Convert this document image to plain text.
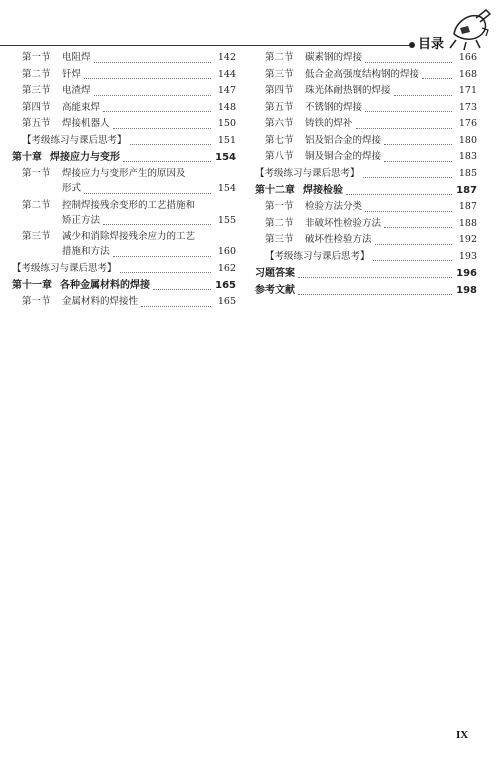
目录
第一节	电阻焊	142
第二节	钎焊	144
第三节	电渣焊	147
第四节	高能束焊	148
第五节	焊接机器人	150
【考级练习与课后思考】	151
第十章 焊接应力与变形	154
第一节	焊接应力与变形产生的原因及
形式	154
第二节	控制焊接残余变形的工艺措施和
矫正方法	155
第三节	减少和消除焊接残余应力的工艺
措施和方法	160
【考级练习与课后思考】	162
第十一章 各种金属材料的焊接	165
第一节	金属材料的焊接性	165
第二节	碳素钢的焊接	166
第三节	低合金高强度结构钢的焊接	168
第四节	珠光体耐热钢的焊接	171
第五节	不锈钢的焊接	173
第六节	铸铁的焊补	176
第七节	铝及铝合金的焊接	180
第八节	铜及铜合金的焊接	183
【考级练习与课后思考】	185
第十二章 焊接检验	187
第一节	检验方法分类	187
第二节	非破坏性检验方法	188
第三节	破坏性检验方法	192
【考级练习与课后思考】	193
习题答案	196
参考文献	198
IX
